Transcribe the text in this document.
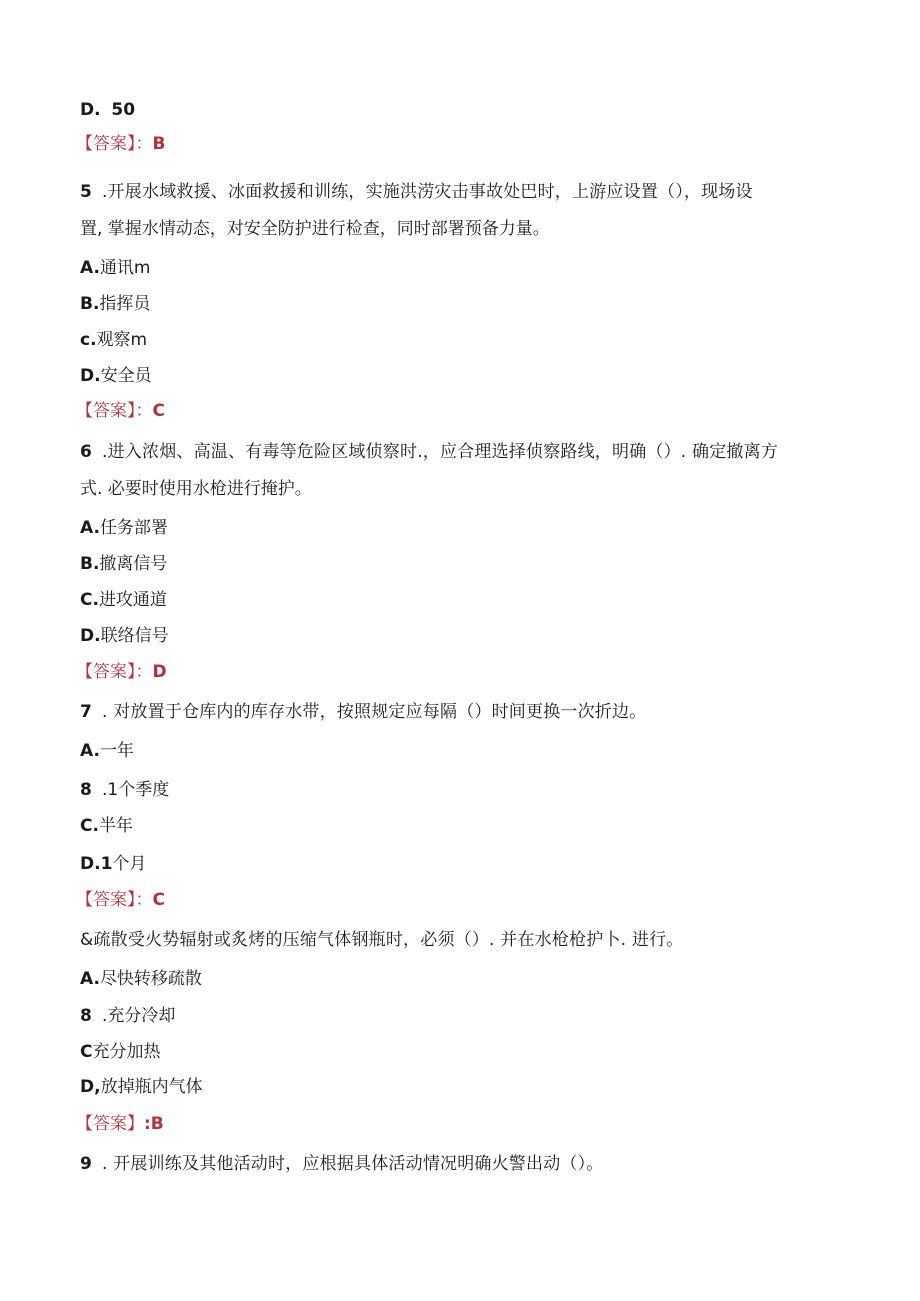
D. 50
【答案】：B
5 .开展水域救援、冰面救援和训练，实施洪涝灾击事故处巴时，上游应设置（），现场设
置, 掌握水情动态，对安全防护进行检查，同时部署预备力量。
A.通讯m
B.指挥员
c.观察m
D.安全员
【答案】：C
6 .进入浓烟、高温、有毒等危险区域侦察时.，应合理选择侦察路线，明确（）. 确定撤离方
式. 必要时使用水枪进行掩护。
A.任务部署
B.撤离信号
C.进攻通道
D.联络信号
【答案】：D
7 . 对放置于仓库内的库存水带，按照规定应每隔（）时间更换一次折边。
A.一年
8 .1个季度
C.半年
D.1个月
【答案】：C
&疏散受火势辐射或炙烤的压缩气体钢瓶时，必须（）. 并在水枪枪护卜. 进行。
A.尽快转移疏散
8 .充分冷却
C充分加热
D,放掉瓶内气体
【答案】:B
9 . 开展训练及其他活动时，应根据具体活动情况明确火警出动（）。
